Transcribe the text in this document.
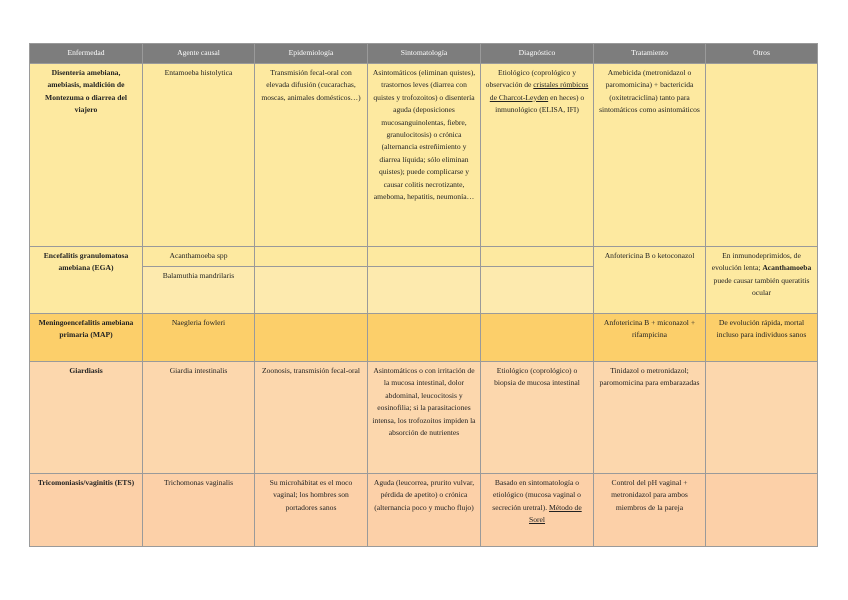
Enfermedad	Agente causal	Epidemiología	Sintomatología	Diagnóstico	Tratamiento	Otros
Disentería amebiana, amebiasis, maldición de Montezuma o diarrea del viajero	Entamoeba histolytica	Transmisión fecal-oral con elevada difusión (cucarachas, moscas, animales domésticos…)	Asintomáticos (eliminan quistes), trastornos leves (diarrea con quistes y trofozoitos) o disentería aguda (deposiciones mucosanguinolentas, fiebre, granulocitosis) o crónica (alternancia estreñimiento y diarrea líquida; sólo eliminan quistes); puede complicarse y causar colitis necrotizante, ameboma, hepatitis, neumonía…	Etiológico (coprológico y observación de cristales rómbicos de Charcot-Leyden en heces) o inmunológico (ELISA, IFI)	Amebicida (metronidazol o paromomicina) + bactericida (oxitetraciclina) tanto para sintomáticos como asintomáticos	
Encefalitis granulomatosa amebiana (EGA)	Acanthamoeba spp				Anfotericina B o ketoconazol	En inmunodeprimidos, de evolución lenta; Acanthamoeba puede causar también queratitis ocular
	Balamuthia mandrilaris					
Meningoencefalitis amebiana primaria (MAP)	Naegleria fowleri				Anfotericina B + miconazol + rifampicina	De evolución rápida, mortal incluso para individuos sanos
Giardiasis	Giardia intestinalis	Zoonosis, transmisión fecal-oral	Asintomáticos o con irritación de la mucosa intestinal, dolor abdominal, leucocitosis y eosinofilia; si la parasitaciones intensa, los trofozoitos impiden la absorción de nutrientes	Etiológico (coprológico) o biopsia de mucosa intestinal	Tinidazol o metronidazol; paromomicina para embarazadas	
Tricomoniasis/vaginitis (ETS)	Trichomonas vaginalis	Su microhábitat es el moco vaginal; los hombres son portadores sanos	Aguda (leucorrea, prurito vulvar, pérdida de apetito) o crónica (alternancia poco y mucho flujo)	Basado en sintomatología o etiológico (mucosa vaginal o secreción uretral). Método de Sorel	Control del pH vaginal + metronidazol para ambos miembros de la pareja	
